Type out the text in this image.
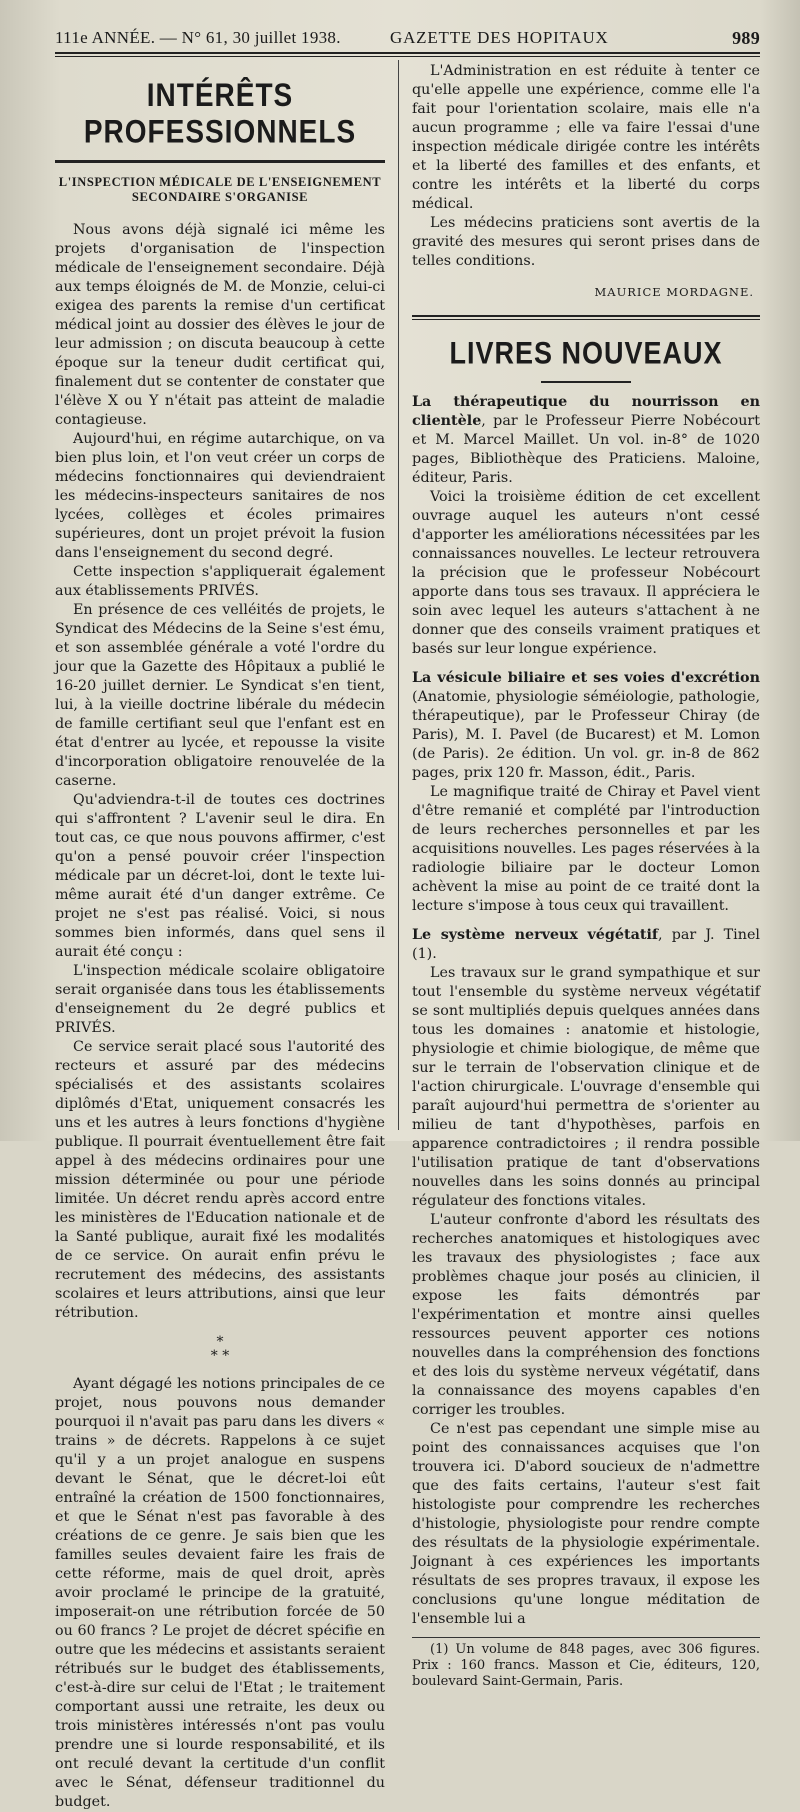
111e ANNÉE. — N° 61, 30 juillet 1938.	GAZETTE DES HOPITAUX	989
INTÉRÊTS PROFESSIONNELS
L'INSPECTION MÉDICALE DE L'ENSEIGNEMENT SECONDAIRE S'ORGANISE

Nous avons déjà signalé ici même les projets d'organisation de l'inspection médicale de l'enseignement secondaire. Déjà aux temps éloignés de M. de Monzie, celui-ci exigea des parents la remise d'un certificat médical joint au dossier des élèves le jour de leur admission ; on discuta beaucoup à cette époque sur la teneur dudit certificat qui, finalement dut se contenter de constater que l'élève X ou Y n'était pas atteint de maladie contagieuse.

Aujourd'hui, en régime autarchique, on va bien plus loin, et l'on veut créer un corps de médecins fonctionnaires qui deviendraient les médecins-inspecteurs sanitaires de nos lycées, collèges et écoles primaires supérieures, dont un projet prévoit la fusion dans l'enseignement du second degré.

Cette inspection s'appliquerait également aux établissements PRIVÉS.

En présence de ces velléités de projets, le Syndicat des Médecins de la Seine s'est ému, et son assemblée générale a voté l'ordre du jour que la Gazette des Hôpitaux a publié le 16-20 juillet dernier. Le Syndicat s'en tient, lui, à la vieille doctrine libérale du médecin de famille certifiant seul que l'enfant est en état d'entrer au lycée, et repousse la visite d'incorporation obligatoire renouvelée de la caserne.

Qu'adviendra-t-il de toutes ces doctrines qui s'affrontent ? L'avenir seul le dira. En tout cas, ce que nous pouvons affirmer, c'est qu'on a pensé pouvoir créer l'inspection médicale par un décret-loi, dont le texte lui-même aurait été d'un danger extrême. Ce projet ne s'est pas réalisé. Voici, si nous sommes bien informés, dans quel sens il aurait été conçu :

L'inspection médicale scolaire obligatoire serait organisée dans tous les établissements d'enseignement du 2e degré publics et PRIVÉS.

Ce service serait placé sous l'autorité des recteurs et assuré par des médecins spécialisés et des assistants scolaires diplômés d'Etat, uniquement consacrés les uns et les autres à leurs fonctions d'hygiène publique. Il pourrait éventuellement être fait appel à des médecins ordinaires pour une mission déterminée ou pour une période limitée. Un décret rendu après accord entre les ministères de l'Education nationale et de la Santé publique, aurait fixé les modalités de ce service. On aurait enfin prévu le recrutement des médecins, des assistants scolaires et leurs attributions, ainsi que leur rétribution.

*
* *

Ayant dégagé les notions principales de ce projet, nous pouvons nous demander pourquoi il n'avait pas paru dans les divers « trains » de décrets. Rappelons à ce sujet qu'il y a un projet analogue en suspens devant le Sénat, que le décret-loi eût entraîné la création de 1500 fonctionnaires, et que le Sénat n'est pas favorable à des créations de ce genre. Je sais bien que les familles seules devaient faire les frais de cette réforme, mais de quel droit, après avoir proclamé le principe de la gratuité, imposerait-on une rétribution forcée de 50 ou 60 francs ? Le projet de décret spécifie en outre que les médecins et assistants seraient rétribués sur le budget des établissements, c'est-à-dire sur celui de l'Etat ; le traitement comportant aussi une retraite, les deux ou trois ministères intéressés n'ont pas voulu prendre une si lourde responsabilité, et ils ont reculé devant la certitude d'un conflit avec le Sénat, défenseur traditionnel du budget.

L'Administration en est réduite à tenter ce qu'elle appelle une expérience, comme elle l'a fait pour l'orientation scolaire, mais elle n'a aucun programme ; elle va faire l'essai d'une inspection médicale dirigée contre les intérêts et la liberté des familles et des enfants, et contre les intérêts et la liberté du corps médical.

Les médecins praticiens sont avertis de la gravité des mesures qui seront prises dans de telles conditions.

MAURICE MORDAGNE.
LIVRES NOUVEAUX

La thérapeutique du nourrisson en clientèle, par le Professeur Pierre Nobécourt et M. Marcel Maillet. Un vol. in-8° de 1020 pages, Bibliothèque des Praticiens. Maloine, éditeur, Paris.

Voici la troisième édition de cet excellent ouvrage auquel les auteurs n'ont cessé d'apporter les améliorations nécessitées par les connaissances nouvelles. Le lecteur retrouvera la précision que le professeur Nobécourt apporte dans tous ses travaux. Il appréciera le soin avec lequel les auteurs s'attachent à ne donner que des conseils vraiment pratiques et basés sur leur longue expérience.

La vésicule biliaire et ses voies d'excrétion (Anatomie, physiologie séméiologie, pathologie, thérapeutique), par le Professeur Chiray (de Paris), M. I. Pavel (de Bucarest) et M. Lomon (de Paris). 2e édition. Un vol. gr. in-8 de 862 pages, prix 120 fr. Masson, édit., Paris.

Le magnifique traité de Chiray et Pavel vient d'être remanié et complété par l'introduction de leurs recherches personnelles et par les acquisitions nouvelles. Les pages réservées à la radiologie biliaire par le docteur Lomon achèvent la mise au point de ce traité dont la lecture s'impose à tous ceux qui travaillent.

Le système nerveux végétatif, par J. Tinel (1).

Les travaux sur le grand sympathique et sur tout l'ensemble du système nerveux végétatif se sont multipliés depuis quelques années dans tous les domaines : anatomie et histologie, physiologie et chimie biologique, de même que sur le terrain de l'observation clinique et de l'action chirurgicale. L'ouvrage d'ensemble qui paraît aujourd'hui permettra de s'orienter au milieu de tant d'hypothèses, parfois en apparence contradictoires ; il rendra possible l'utilisation pratique de tant d'observations nouvelles dans les soins donnés au principal régulateur des fonctions vitales.

L'auteur confronte d'abord les résultats des recherches anatomiques et histologiques avec les travaux des physiologistes ; face aux problèmes chaque jour posés au clinicien, il expose les faits démontrés par l'expérimentation et montre ainsi quelles ressources peuvent apporter ces notions nouvelles dans la compréhension des fonctions et des lois du système nerveux végétatif, dans la connaissance des moyens capables d'en corriger les troubles.

Ce n'est pas cependant une simple mise au point des connaissances acquises que l'on trouvera ici. D'abord soucieux de n'admettre que des faits certains, l'auteur s'est fait histologiste pour comprendre les recherches d'histologie, physiologiste pour rendre compte des résultats de la physiologie expérimentale. Joignant à ces expériences les importants résultats de ses propres travaux, il expose les conclusions qu'une longue méditation de l'ensemble lui a

(1) Un volume de 848 pages, avec 306 figures. Prix : 160 francs. Masson et Cie, éditeurs, 120, boulevard Saint-Germain, Paris.
